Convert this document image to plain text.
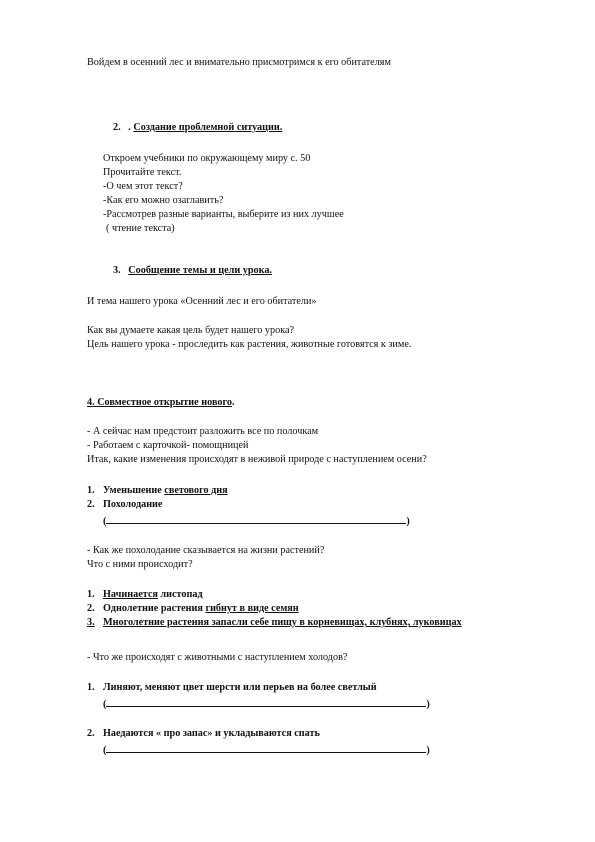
Войдем в осенний лес и внимательно присмотримся к его обитателям
2. . Создание проблемной ситуации.
Откроем учебники по окружающему миру с. 50
Прочитайте текст.
-О чем этот текст?
-Как его можно озаглавить?
-Рассмотрев разные варианты, выберите из них лучшее
( чтение текста)
3. Сообщение темы и цели урока.
И тема нашего урока «Осенний лес и его обитатели»
Как вы думаете какая цель будет нашего урока?
Цель нашего урока - проследить как растения, животные готовятся к зиме.
4. Совместное открытие нового.
- А сейчас нам предстоит разложить все по полочкам
- Работаем с карточкой- помощницей
Итак, какие изменения происходят в неживой природе с наступлением осени?
1. Уменьшение светового дня
2. Похолодание
(	)
- Как же похолодание сказывается на жизни растений?
Что с ними происходит?
1. Начинается листопад
2. Однолетние растения гибнут в виде семян
3. Многолетние растения запасли себе пищу в корневищах, клубнях, луковицах
- Что же происходят с животными с наступлением холодов?
1. Линяют, меняют цвет шерсти или перьев на более светлый
(	)
2. Наедаются « про запас» и укладываются спать
(	)
